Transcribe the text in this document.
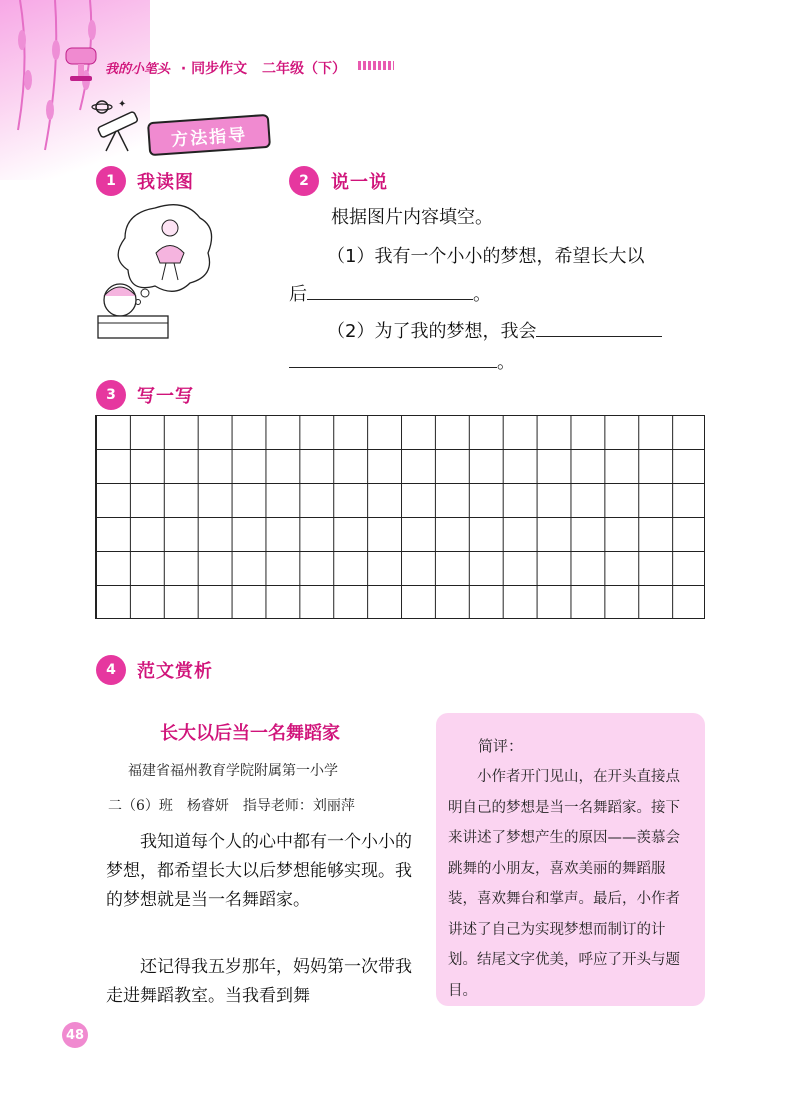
我的小笔头 · 同步作文 二年级（下）
✦
方法指导
1	我读图	2	说一说
根据图片内容填空。
（1）我有一个小小的梦想，希望长大以
后	。
（2）为了我的梦想，我会
。
3	写一写
4	范文赏析
长大以后当一名舞蹈家
福建省福州教育学院附属第一小学
二（6）班　杨睿妍　指导老师：刘丽萍

我知道每个人的心中都有一个小小的梦想，都希望长大以后梦想能够实现。我的梦想就是当一名舞蹈家。

还记得我五岁那年，妈妈第一次带我走进舞蹈教室。当我看到舞

简评：

小作者开门见山，在开头直接点明自己的梦想是当一名舞蹈家。接下来讲述了梦想产生的原因——羡慕会跳舞的小朋友，喜欢美丽的舞蹈服装，喜欢舞台和掌声。最后，小作者讲述了自己为实现梦想而制订的计划。结尾文字优美，呼应了开头与题目。

48
